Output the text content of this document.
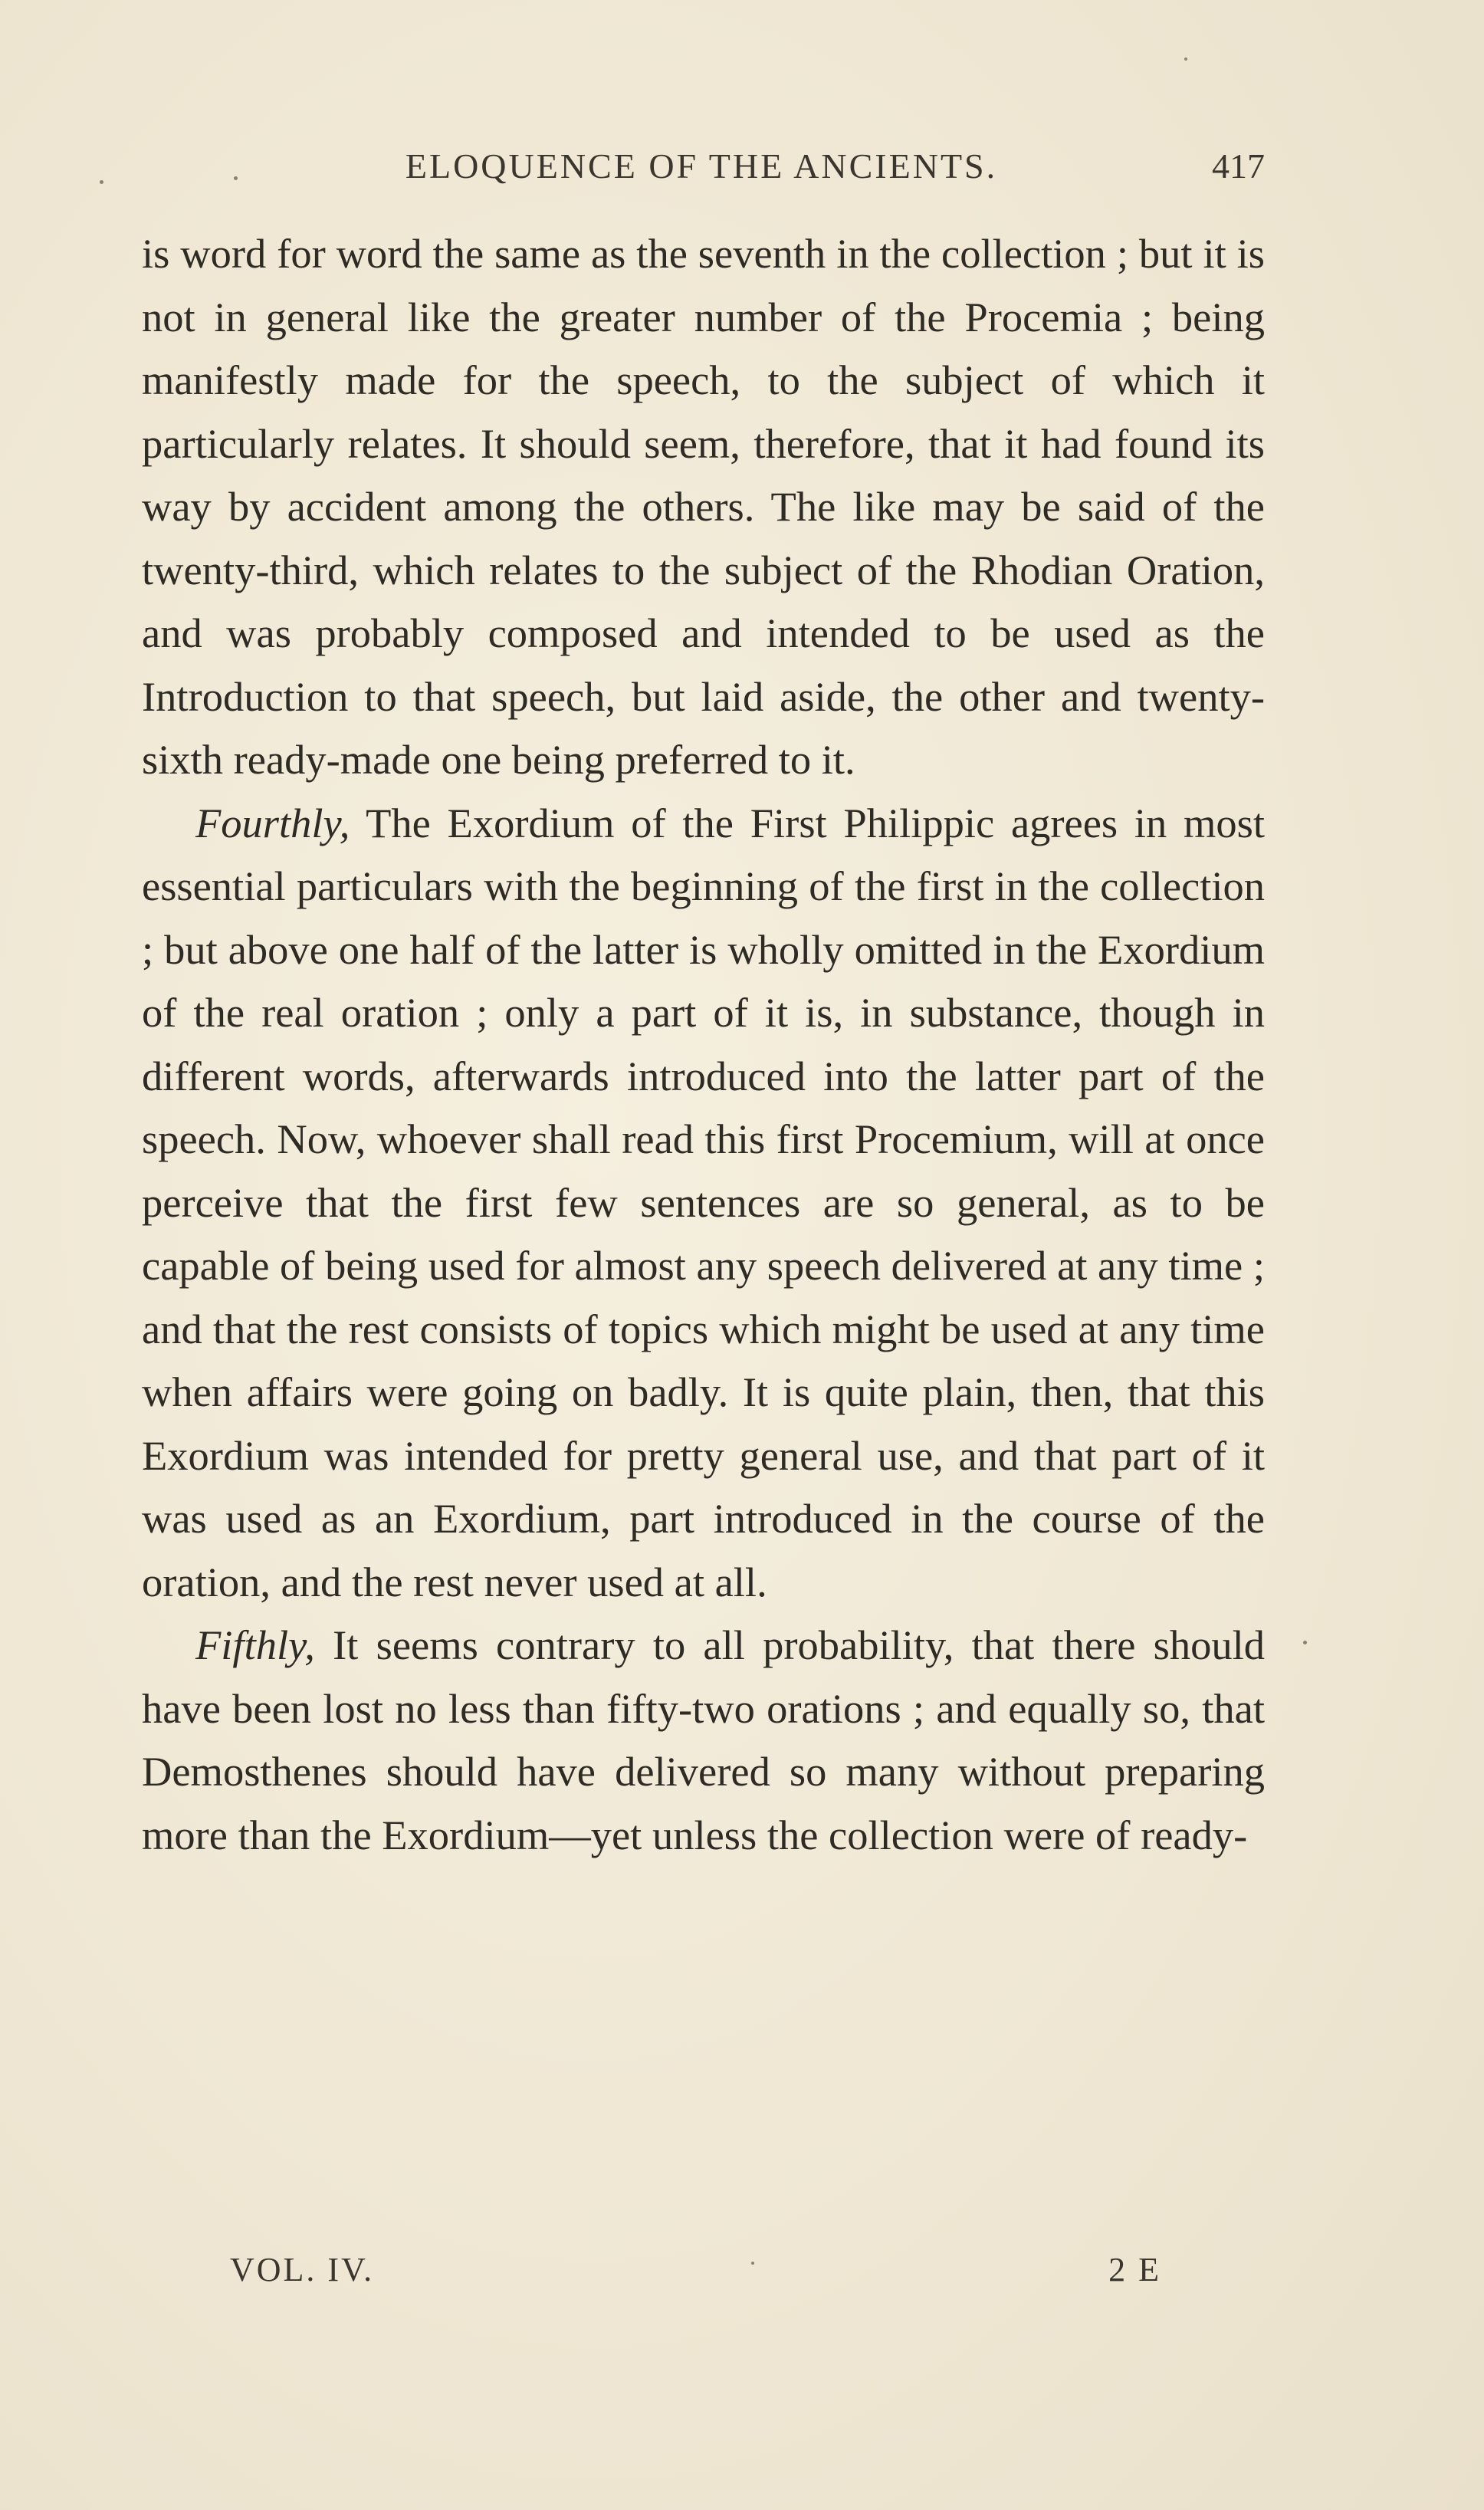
ELOQUENCE OF THE ANCIENTS.	417

is word for word the same as the seventh in the collection ; but it is not in general like the greater number of the Procemia ; being manifestly made for the speech, to the subject of which it particularly relates. It should seem, therefore, that it had found its way by accident among the others. The like may be said of the twenty-third, which relates to the subject of the Rhodian Oration, and was probably composed and intended to be used as the Introduction to that speech, but laid aside, the other and twenty-sixth ready-made one being preferred to it.

Fourthly, The Exordium of the First Philippic agrees in most essential particulars with the beginning of the first in the collection ; but above one half of the latter is wholly omitted in the Exordium of the real oration ; only a part of it is, in substance, though in different words, afterwards introduced into the latter part of the speech. Now, whoever shall read this first Procemium, will at once perceive that the first few sentences are so general, as to be capable of being used for almost any speech delivered at any time ; and that the rest consists of topics which might be used at any time when affairs were going on badly. It is quite plain, then, that this Exordium was intended for pretty general use, and that part of it was used as an Exordium, part introduced in the course of the oration, and the rest never used at all.

Fifthly, It seems contrary to all probability, that there should have been lost no less than fifty-two orations ; and equally so, that Demosthenes should have delivered so many without preparing more than the Exordium—yet unless the collection were of ready-

VOL. IV.	2 E
